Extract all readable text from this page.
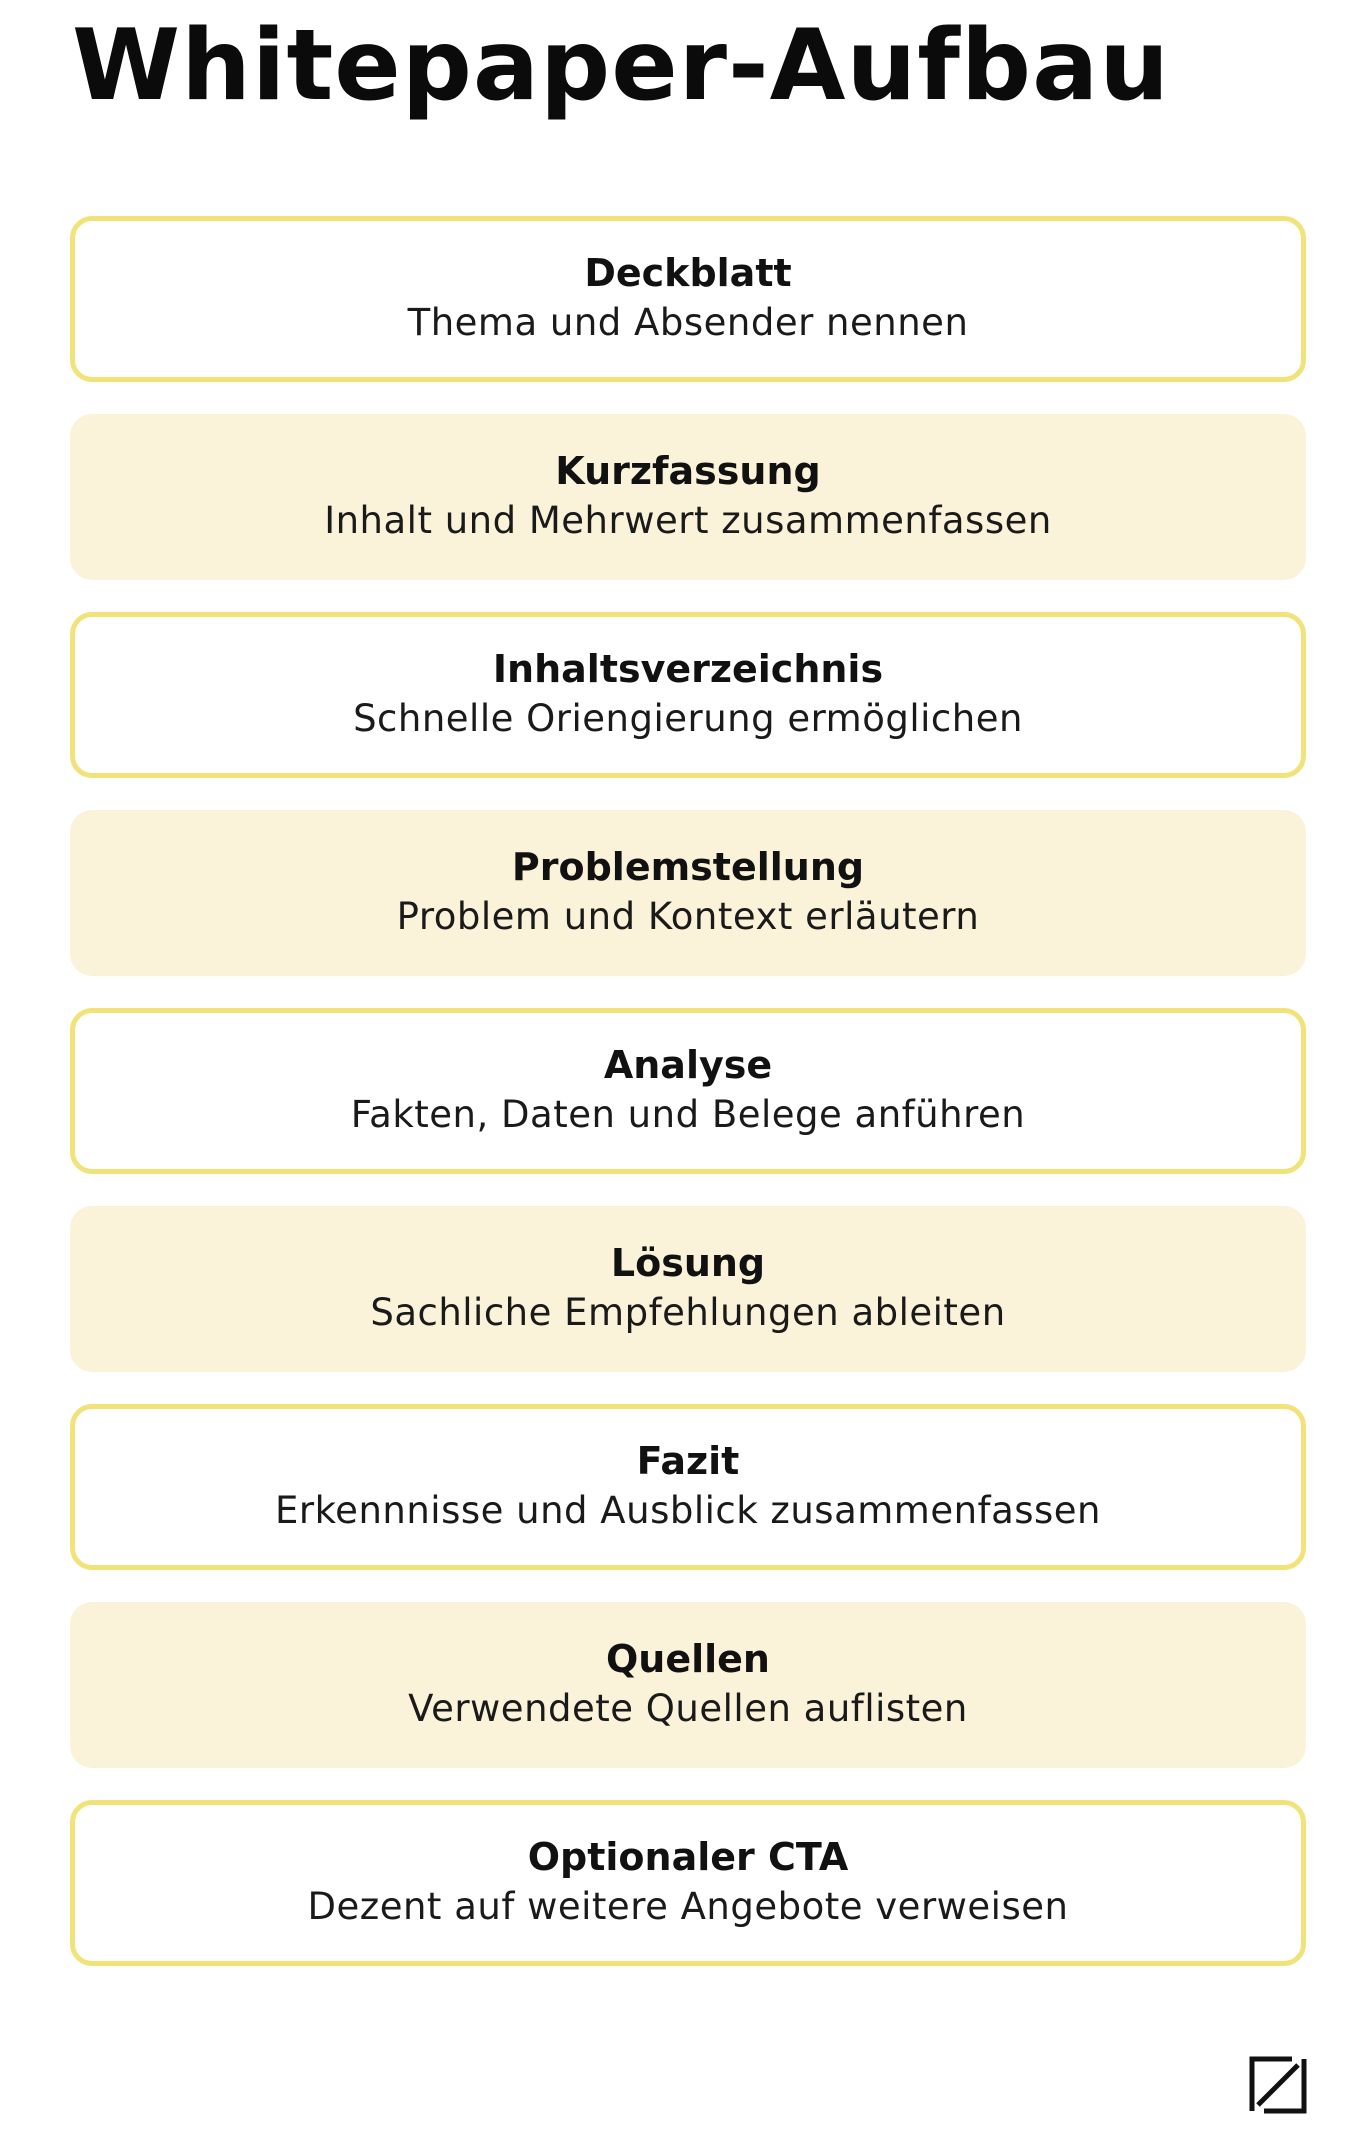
Whitepaper-Aufbau
Deckblatt
Thema und Absender nennen
Kurzfassung
Inhalt und Mehrwert zusammenfassen
Inhaltsverzeichnis
Schnelle Oriengierung ermöglichen
Problemstellung
Problem und Kontext erläutern
Analyse
Fakten, Daten und Belege anführen
Lösung
Sachliche Empfehlungen ableiten
Fazit
Erkennnisse und Ausblick zusammenfassen
Quellen
Verwendete Quellen auflisten
Optionaler CTA
Dezent auf weitere Angebote verweisen
